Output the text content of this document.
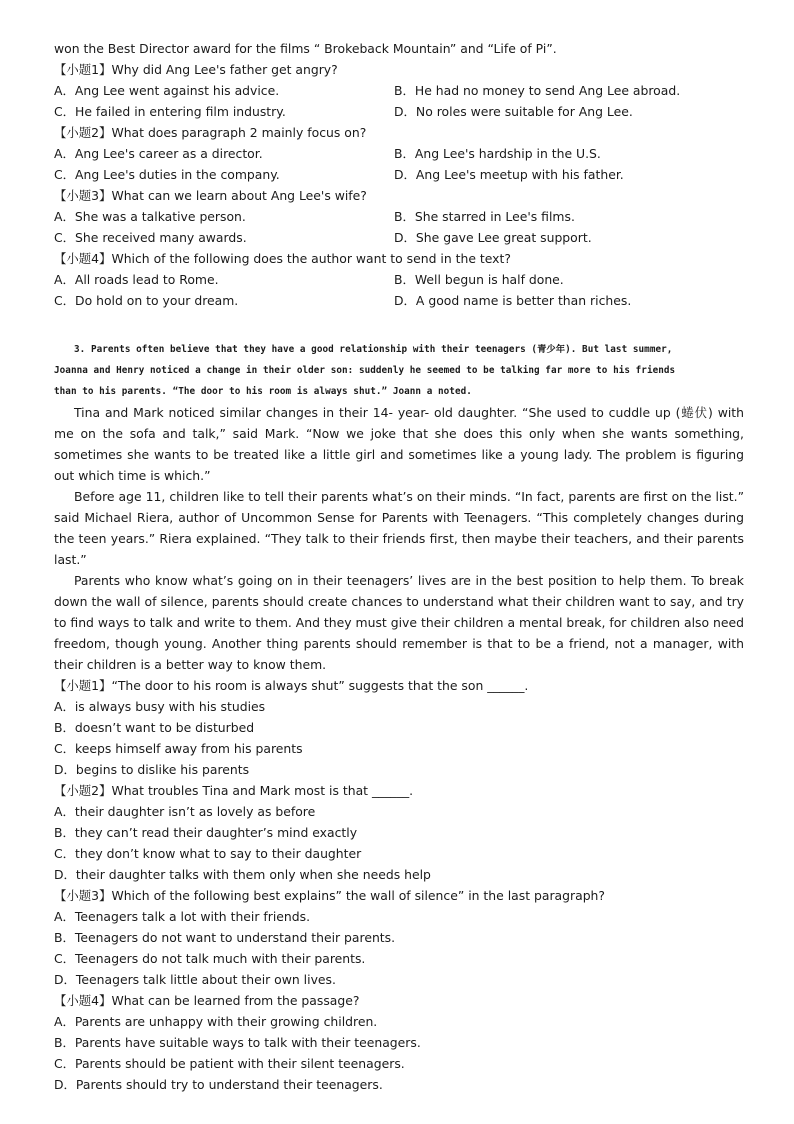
won the Best Director award for the films “ Brokeback Mountain” and “Life of Pi”.
【小题1】Why did Ang Lee's father get angry?
A．Ang Lee went against his advice.	B．He had no money to send Ang Lee abroad.
C．He failed in entering film industry.	D．No roles were suitable for Ang Lee.
【小题2】What does paragraph 2 mainly focus on?
A．Ang Lee's career as a director.	B．Ang Lee's hardship in the U.S.
C．Ang Lee's duties in the company.	D．Ang Lee's meetup with his father.
【小题3】What can we learn about Ang Lee's wife?
A．She was a talkative person.	B．She starred in Lee's films.
C．She received many awards.	D．She gave Lee great support.
【小题4】Which of the following does the author want to send in the text?
A．All roads lead to Rome.	B．Well begun is half done.
C．Do hold on to your dream.	D．A good name is better than riches.
3. Parents often believe that they have a good relationship with their teenagers (青少年). But last summer,
Joanna and Henry noticed a change in their older son: suddenly he seemed to be talking far more to his friends
than to his parents. “The door to his room is always shut.” Joann a noted.

Tina and Mark noticed similar changes in their 14- year- old daughter. “She used to cuddle up (蜷伏) with me on the sofa and talk,” said Mark. “Now we joke that she does this only when she wants something, sometimes she wants to be treated like a little girl and sometimes like a young lady. The problem is figuring out which time is which.”

Before age 11, children like to tell their parents what’s on their minds. “In fact, parents are first on the list.” said Michael Riera, author of Uncommon Sense for Parents with Teenagers. “This completely changes during the teen years.” Riera explained. “They talk to their friends first, then maybe their teachers, and their parents last.”

Parents who know what’s going on in their teenagers’ lives are in the best position to help them. To break down the wall of silence, parents should create chances to understand what their children want to say, and try to find ways to talk and write to them. And they must give their children a mental break, for children also need freedom, though young. Another thing parents should remember is that to be a friend, not a manager, with their children is a better way to know them.

【小题1】“The door to his room is always shut” suggests that the son ______.
A．is always busy with his studies
B．doesn’t want to be disturbed
C．keeps himself away from his parents
D．begins to dislike his parents
【小题2】What troubles Tina and Mark most is that ______.
A．their daughter isn’t as lovely as before
B．they can’t read their daughter’s mind exactly
C．they don’t know what to say to their daughter
D．their daughter talks with them only when she needs help
【小题3】Which of the following best explains” the wall of silence” in the last paragraph?
A．Teenagers talk a lot with their friends.
B．Teenagers do not want to understand their parents.
C．Teenagers do not talk much with their parents.
D．Teenagers talk little about their own lives.
【小题4】What can be learned from the passage?
A．Parents are unhappy with their growing children.
B．Parents have suitable ways to talk with their teenagers.
C．Parents should be patient with their silent teenagers.
D．Parents should try to understand their teenagers.
